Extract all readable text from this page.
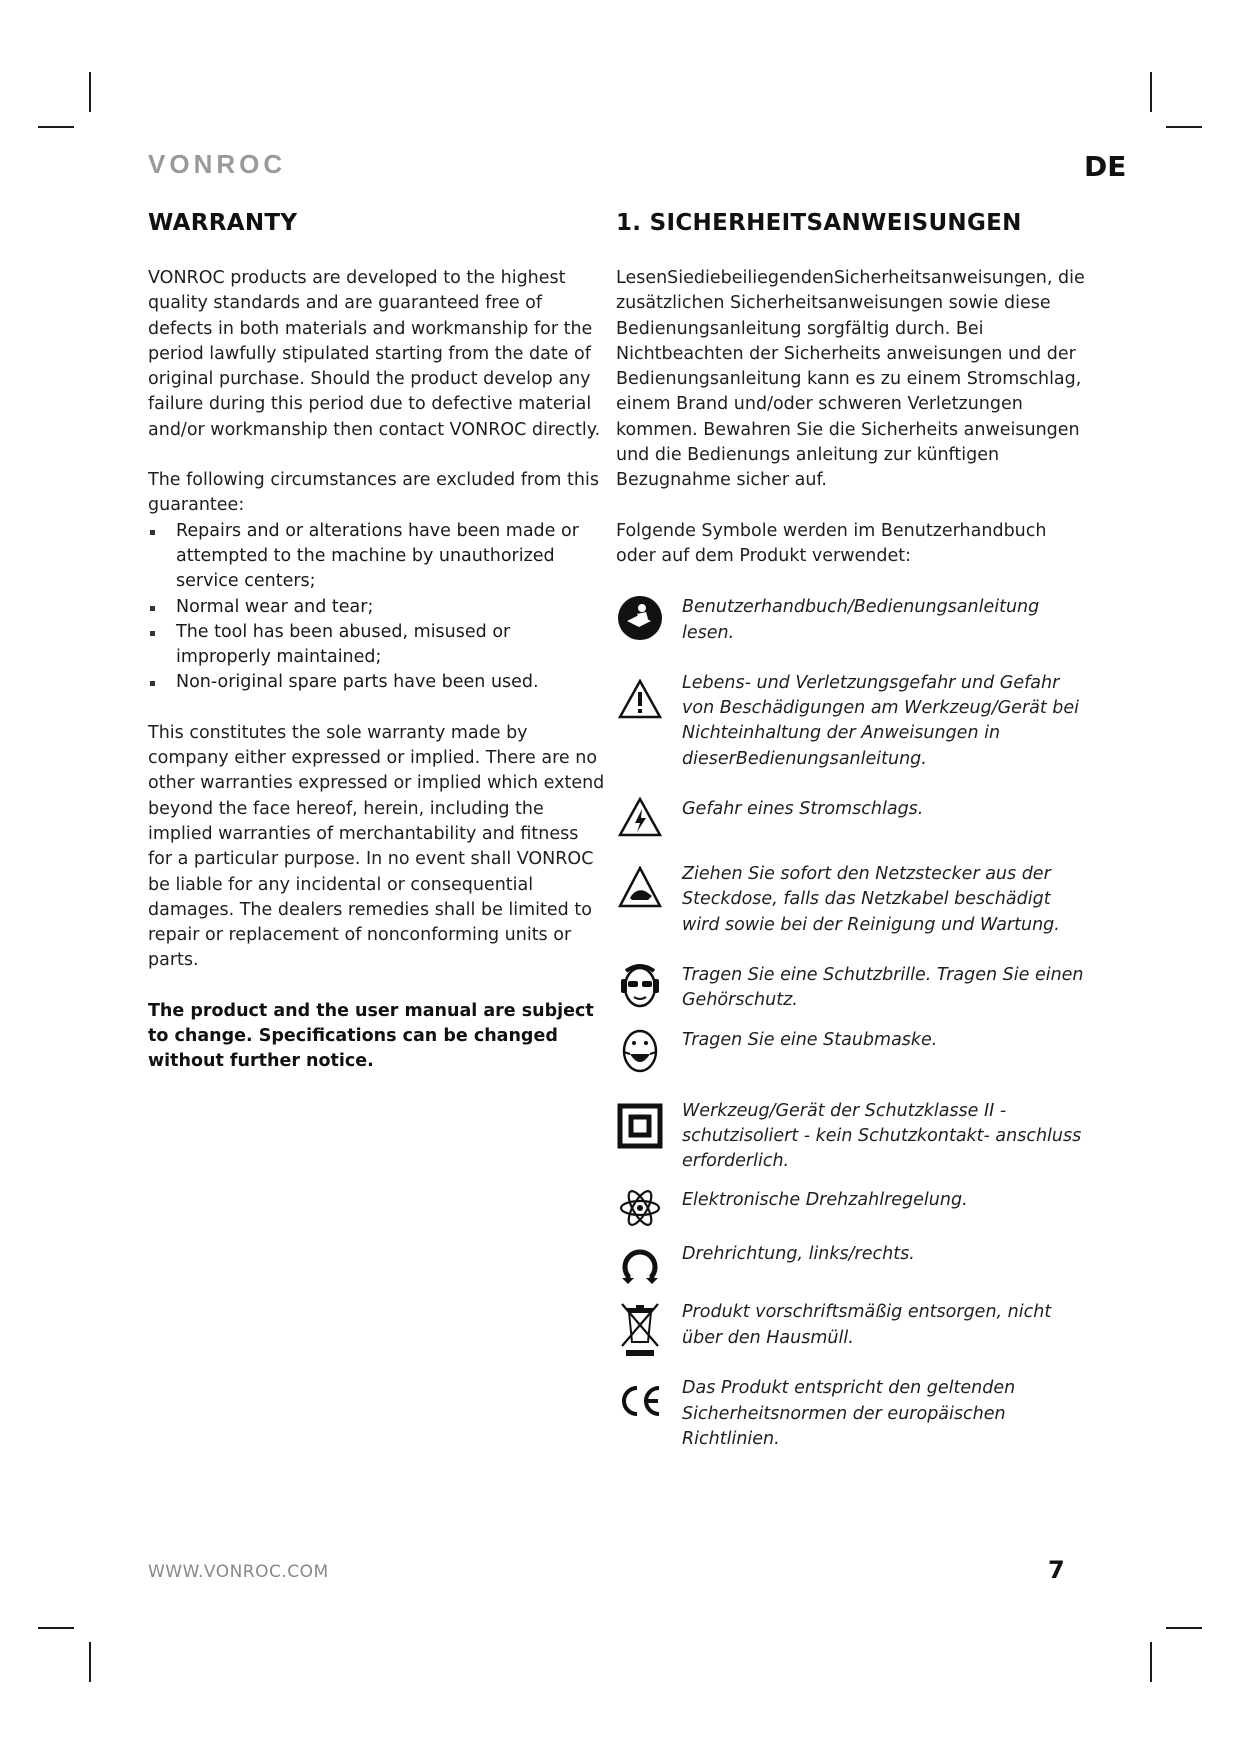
VONROC	DE
WARRANTY

VONROC products are developed to the highest quality standards and are guaranteed free of defects in both materials and workmanship for the period lawfully stipulated starting from the date of original purchase. Should the product develop any failure during this period due to defective material and/or workmanship then contact VONROC directly.

The following circumstances are excluded from this guarantee:

Repairs and or alterations have been made or attempted to the machine by unauthorized service centers;
Normal wear and tear;
The tool has been abused, misused or improperly maintained;
Non-original spare parts have been used.

This constitutes the sole warranty made by company either expressed or implied. There are no other warranties expressed or implied which extend beyond the face hereof, herein, including the implied warranties of merchantability and fitness for a particular purpose. In no event shall VONROC be liable for any incidental or consequential damages. The dealers remedies shall be limited to repair or replacement of nonconforming units or parts.

The product and the user manual are subject to change. Specifications can be changed without further notice.

1. SICHERHEITSANWEISUNGEN

LesenSiediebeiliegendenSicherheitsanweisungen, die zusätzlichen Sicherheitsanweisungen sowie diese Bedienungsanleitung sorgfältig durch. Bei Nichtbeachten der Sicherheits anweisungen und der Bedienungsanleitung kann es zu einem Stromschlag, einem Brand und/oder schweren Verletzungen kommen. Bewahren Sie die Sicherheits anweisungen und die Bedienungs anleitung zur künftigen Bezugnahme sicher auf.

Folgende Symbole werden im Benutzerhandbuch oder auf dem Produkt verwendet:

Benutzerhandbuch/Bedienungsanleitung lesen.
Lebens- und Verletzungsgefahr und Gefahr von Beschädigungen am Werkzeug/Gerät bei Nichteinhaltung der Anweisungen in dieserBedienungsanleitung.
Gefahr eines Stromschlags.
Ziehen Sie sofort den Netzstecker aus der Steckdose, falls das Netzkabel beschädigt wird sowie bei der Reinigung und Wartung.
Tragen Sie eine Schutzbrille. Tragen Sie einen Gehörschutz.
Tragen Sie eine Staubmaske.
Werkzeug/Gerät der Schutzklasse II - schutzisoliert - kein Schutzkontakt- anschluss erforderlich.
Elektronische Drehzahlregelung.
Drehrichtung, links/rechts.
Produkt vorschriftsmäßig entsorgen, nicht über den Hausmüll.
Das Produkt entspricht den geltenden Sicherheitsnormen der europäischen Richtlinien.
WWW.VONROC.COM	7
